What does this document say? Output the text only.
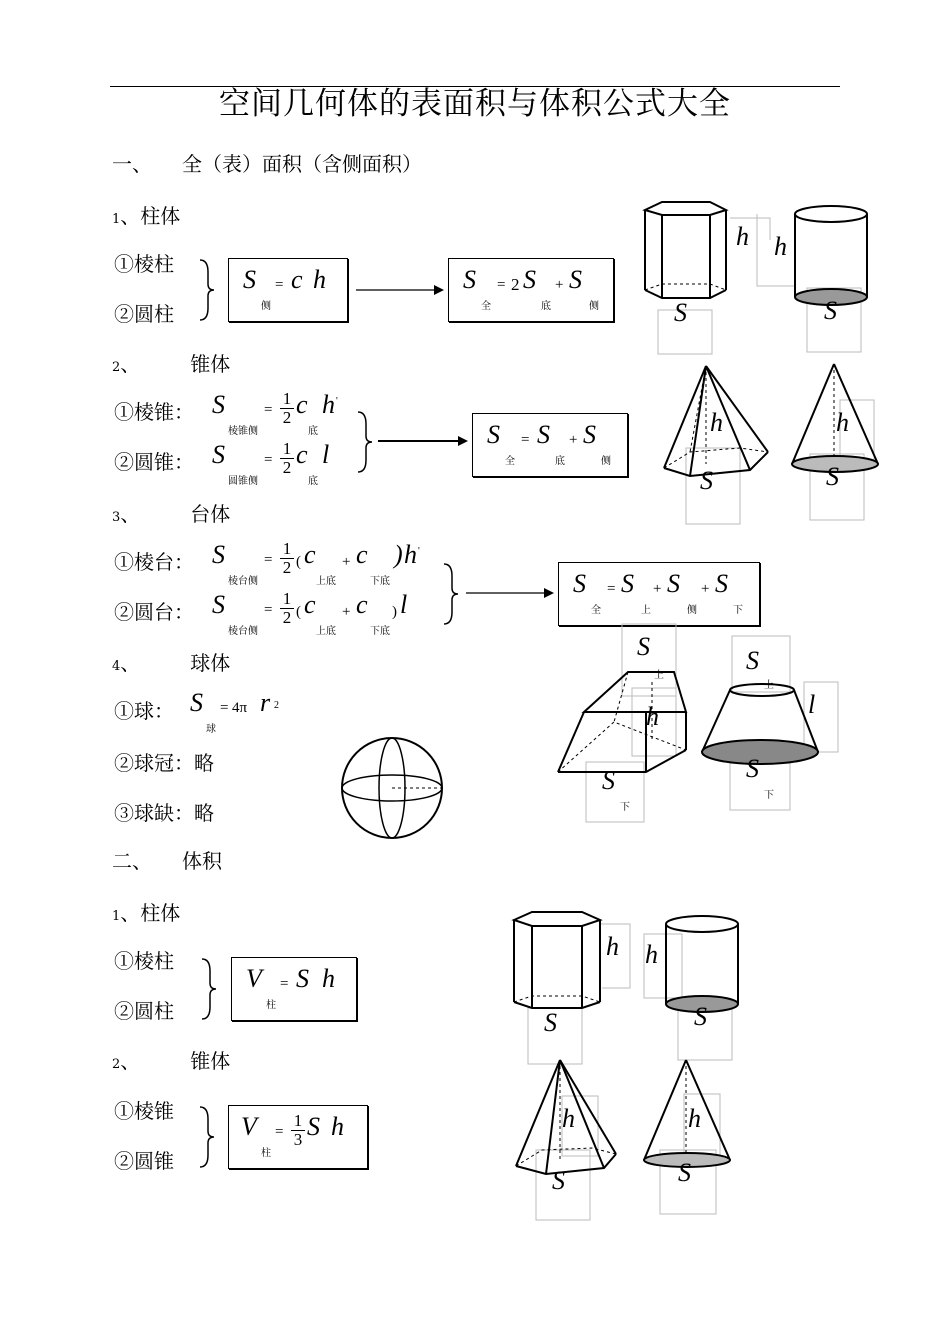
空间几何体的表面积与体积公式大全
一、 全（表）面积（含侧面积）
1、柱体
①棱柱
②圆柱
S
侧
= c h	S
全
= 2 S
底
+ S
侧
2、	锥体
①棱锥：
②圆锥：
S
棱锥侧
= $\frac{1}{2}$ c
底
h '
S
圆锥侧
= $\frac{1}{2}$ c
底
l
S
全
= S
底
+ S
侧
3、	台体
①棱台：
②圆台：
S
棱台侧
= $\frac{1}{2}$ ( c
上底
+ c
下底
) h '
S
棱台侧
= $\frac{1}{2}$ ( c
上底
+ c
下底
) l
S
全
= S
上
+ S
侧
+ S
下
4、	球体
①球：
②球冠：略
③球缺：略
S
球
= 4π r 2
二、 体积
1、柱体
①棱柱
②圆柱
V
柱
= S h
2、	锥体
①棱锥
②圆锥
V
柱
= $\frac{1}{3}$ S h
h h
S	S
h	h
S	S
S
上
h
S
下
S
上
l
S
下
h h
S	S
h	h
S	S
